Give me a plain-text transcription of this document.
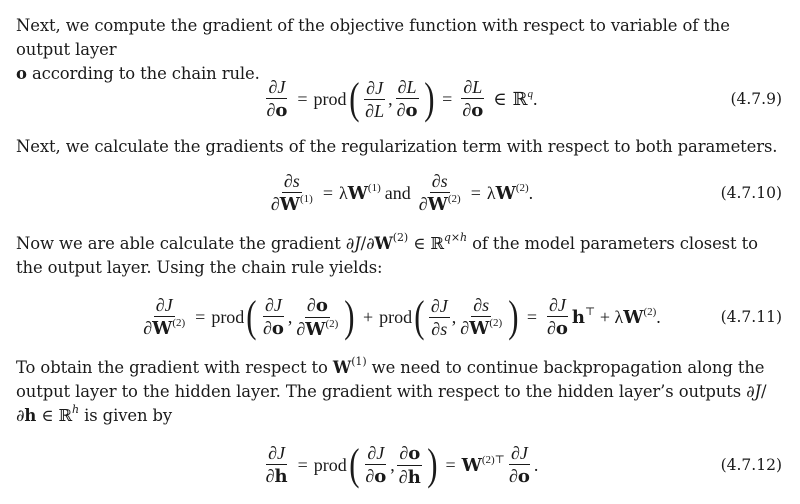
Next, we compute the gradient of the objective function with respect to variable of the output layer
o according to the chain rule.
$\frac{\partial J}{\partial o}$ = prod ( $\frac{\partial J}{\partial L}$ , $\frac{\partial L}{\partial o}$ ) = $\frac{\partial L}{\partial o}$ ∈ ℝ$^q$.	(4.7.9)
Next, we calculate the gradients of the regularization term with respect to both parameters.
$\frac{\partial s}{\partial W^{(1)}} = \lambda W^{(1)}$ and $\frac{\partial s}{\partial W^{(2)}} = \lambda W^{(2)}$.	(4.7.10)
Now we are able calculate the gradient $\partial J/\partial W^{(2)}$ ∈ ℝ$^{q\times h}$ of the model parameters closest to the output layer. Using the chain rule yields:
$\frac{\partial J}{\partial W^{(2)}}$ = prod ( $\frac{\partial J}{\partial o}$ , $\frac{\partial o}{\partial W^{(2)}}$ ) + prod ( $\frac{\partial J}{\partial s}$ , $\frac{\partial s}{\partial W^{(2)}}$ ) = $\frac{\partial J}{\partial o} h^⊤ + \lambda W^{(2)}$.	(4.7.11)
To obtain the gradient with respect to $W^{(1)}$ we need to continue backpropagation along the output layer to the hidden layer. The gradient with respect to the hidden layer’s outputs ∂J/∂h ∈ ℝ$^h$ is given by
$\frac{\partial J}{\partial h}$ = prod ( $\frac{\partial J}{\partial o}$ , $\frac{\partial o}{\partial h}$ ) = $W^{(2)⊤} \frac{\partial J}{\partial o}$ .	(4.7.12)
